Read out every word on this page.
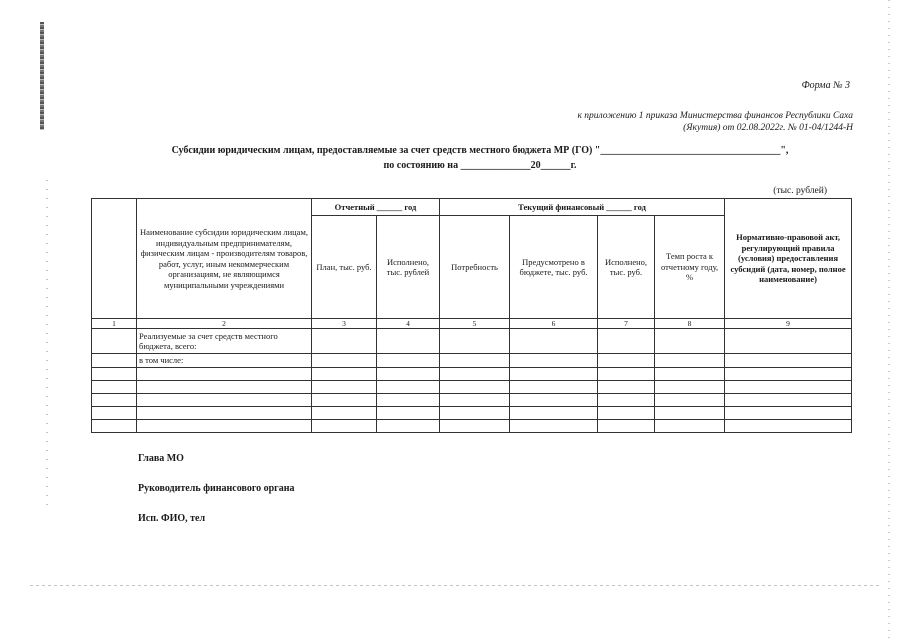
Форма № 3
к приложению 1 приказа Министерства финансов Республики Саха
(Якутия) от 02.08.2022г. № 01-04/1244-Н
Субсидии юридическим лицам, предоставляемые за счет средств местного бюджета МР (ГО) "____________________________________",
по состоянию на ______________20______г.
(тыс. рублей)
	Наименование субсидии юридическим лицам, индивидуальным предпринимателям, физическим лицам - производителям товаров, работ, услуг, иным некоммерческим организациям, не являющимся муниципальными учреждениями	Отчетный ______ год		Текущий финансовый ______ год				Нормативно-правовой акт, регулирующий правила (условия) предоставления субсидий (дата, номер, полное наименование)
		План, тыс. руб.	Исполнено, тыс. рублей	Потребность	Предусмотрено в бюджете, тыс. руб.	Исполнено, тыс. руб.	Темп роста к отчетному году, %	
1	2	3	4	5	6	7	8	9
	Реализуемые за счет средств местного бюджета, всего:							
	в том числе:							

Глава МО
Руководитель финансового органа
Исп. ФИО, тел
